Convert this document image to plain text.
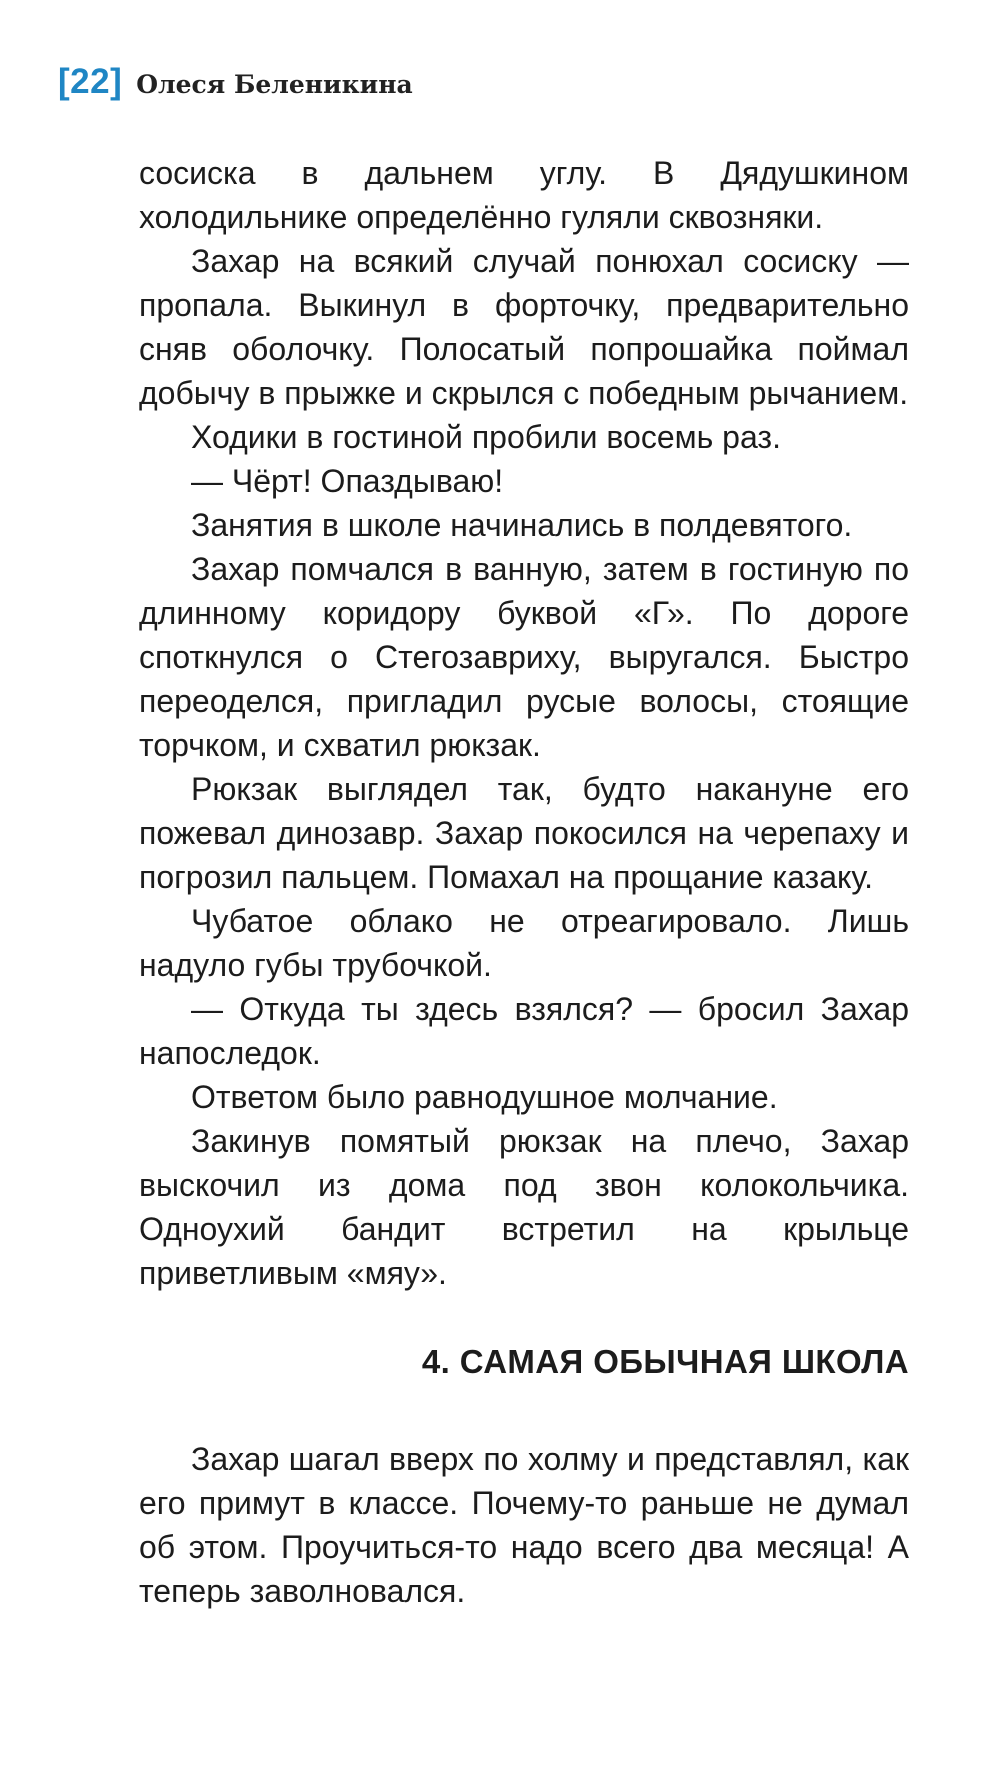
[22] Олеся Беленикина

сосиска в дальнем углу. В Дядушкином холодильнике определённо гуляли сквозняки.

Захар на всякий случай понюхал сосиску — пропала. Выкинул в форточку, предварительно сняв оболочку. Полосатый попрошайка поймал добычу в прыжке и скрылся с победным рычанием.

Ходики в гостиной пробили восемь раз.

— Чёрт! Опаздываю!

Занятия в школе начинались в полдевятого.

Захар помчался в ванную, затем в гостиную по длинному коридору буквой «Г». По дороге споткнулся о Стегозавриху, выругался. Быстро переоделся, пригладил русые волосы, стоящие торчком, и схватил рюкзак.

Рюкзак выглядел так, будто накануне его пожевал динозавр. Захар покосился на черепаху и погрозил пальцем. Помахал на прощание казаку.

Чубатое облако не отреагировало. Лишь надуло губы трубочкой.

— Откуда ты здесь взялся? — бросил Захар напоследок.

Ответом было равнодушное молчание.

Закинув помятый рюкзак на плечо, Захар выскочил из дома под звон колокольчика. Одноухий бандит встретил на крыльце приветливым «мяу».

4. САМАЯ ОБЫЧНАЯ ШКОЛА

Захар шагал вверх по холму и представлял, как его примут в классе. Почему-то раньше не думал об этом. Проучиться-то надо всего два месяца! А теперь заволновался.
